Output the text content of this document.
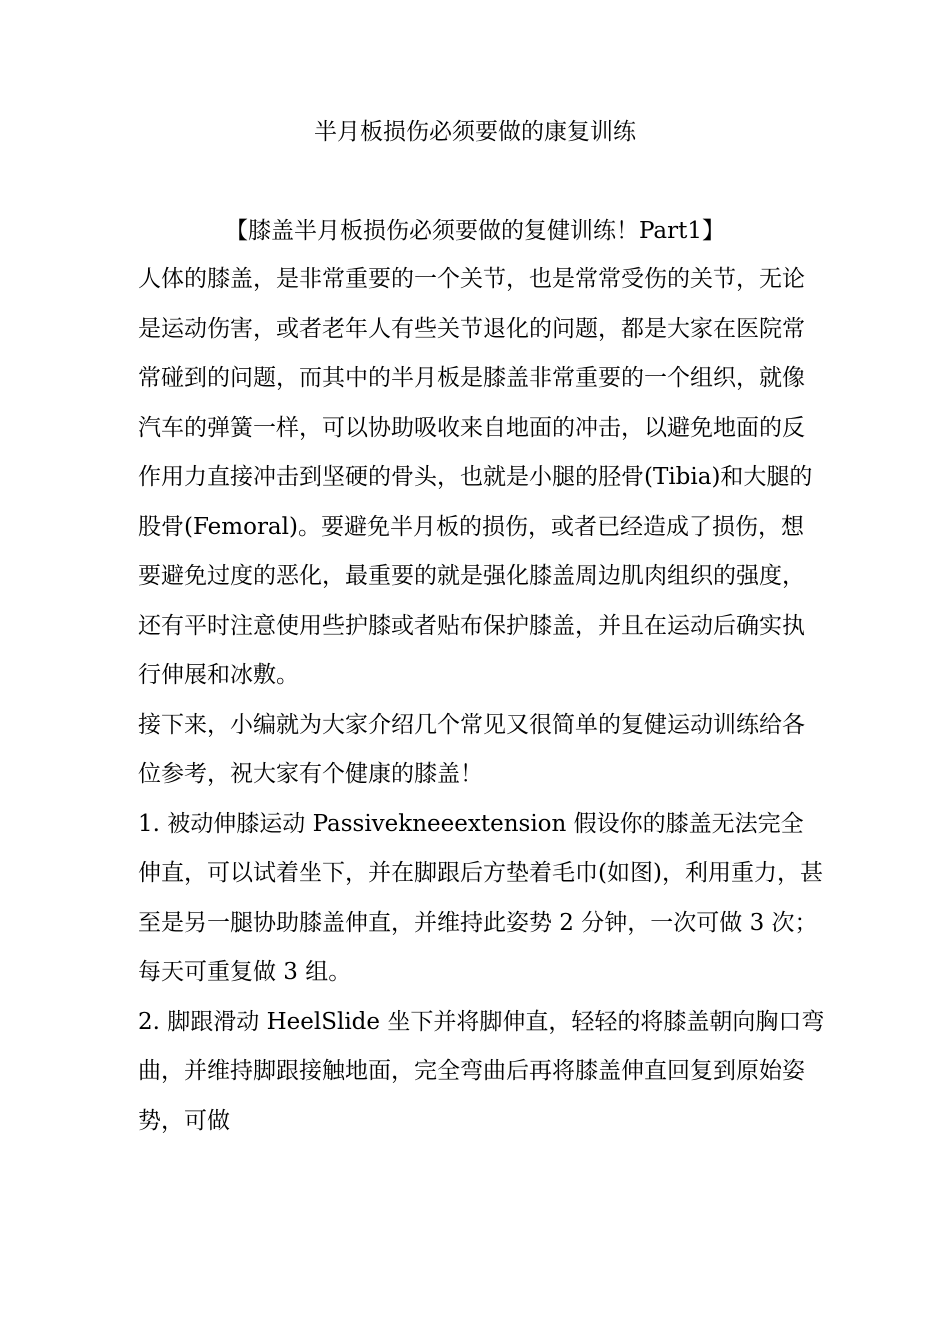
半月板损伤必须要做的康复训练
【膝盖半月板损伤必须要做的复健训练！Part1】

人体的膝盖，是非常重要的一个关节，也是常常受伤的关节，无论是运动伤害，或者老年人有些关节退化的问题，都是大家在医院常常碰到的问题，而其中的半月板是膝盖非常重要的一个组织，就像汽车的弹簧一样，可以协助吸收来自地面的冲击，以避免地面的反作用力直接冲击到坚硬的骨头，也就是小腿的胫骨(Tibia)和大腿的股骨(Femoral)。要避免半月板的损伤，或者已经造成了损伤，想要避免过度的恶化，最重要的就是强化膝盖周边肌肉组织的强度，还有平时注意使用些护膝或者贴布保护膝盖，并且在运动后确实执行伸展和冰敷。

接下来，小编就为大家介绍几个常见又很简单的复健运动训练给各位参考，祝大家有个健康的膝盖！

1. 被动伸膝运动 Passivekneeextension 假设你的膝盖无法完全伸直，可以试着坐下，并在脚跟后方垫着毛巾(如图)，利用重力，甚至是另一腿协助膝盖伸直，并维持此姿势 2 分钟，一次可做 3 次；每天可重复做 3 组。

2. 脚跟滑动 HeelSlide 坐下并将脚伸直，轻轻的将膝盖朝向胸口弯曲，并维持脚跟接触地面，完全弯曲后再将膝盖伸直回复到原始姿势，可做
